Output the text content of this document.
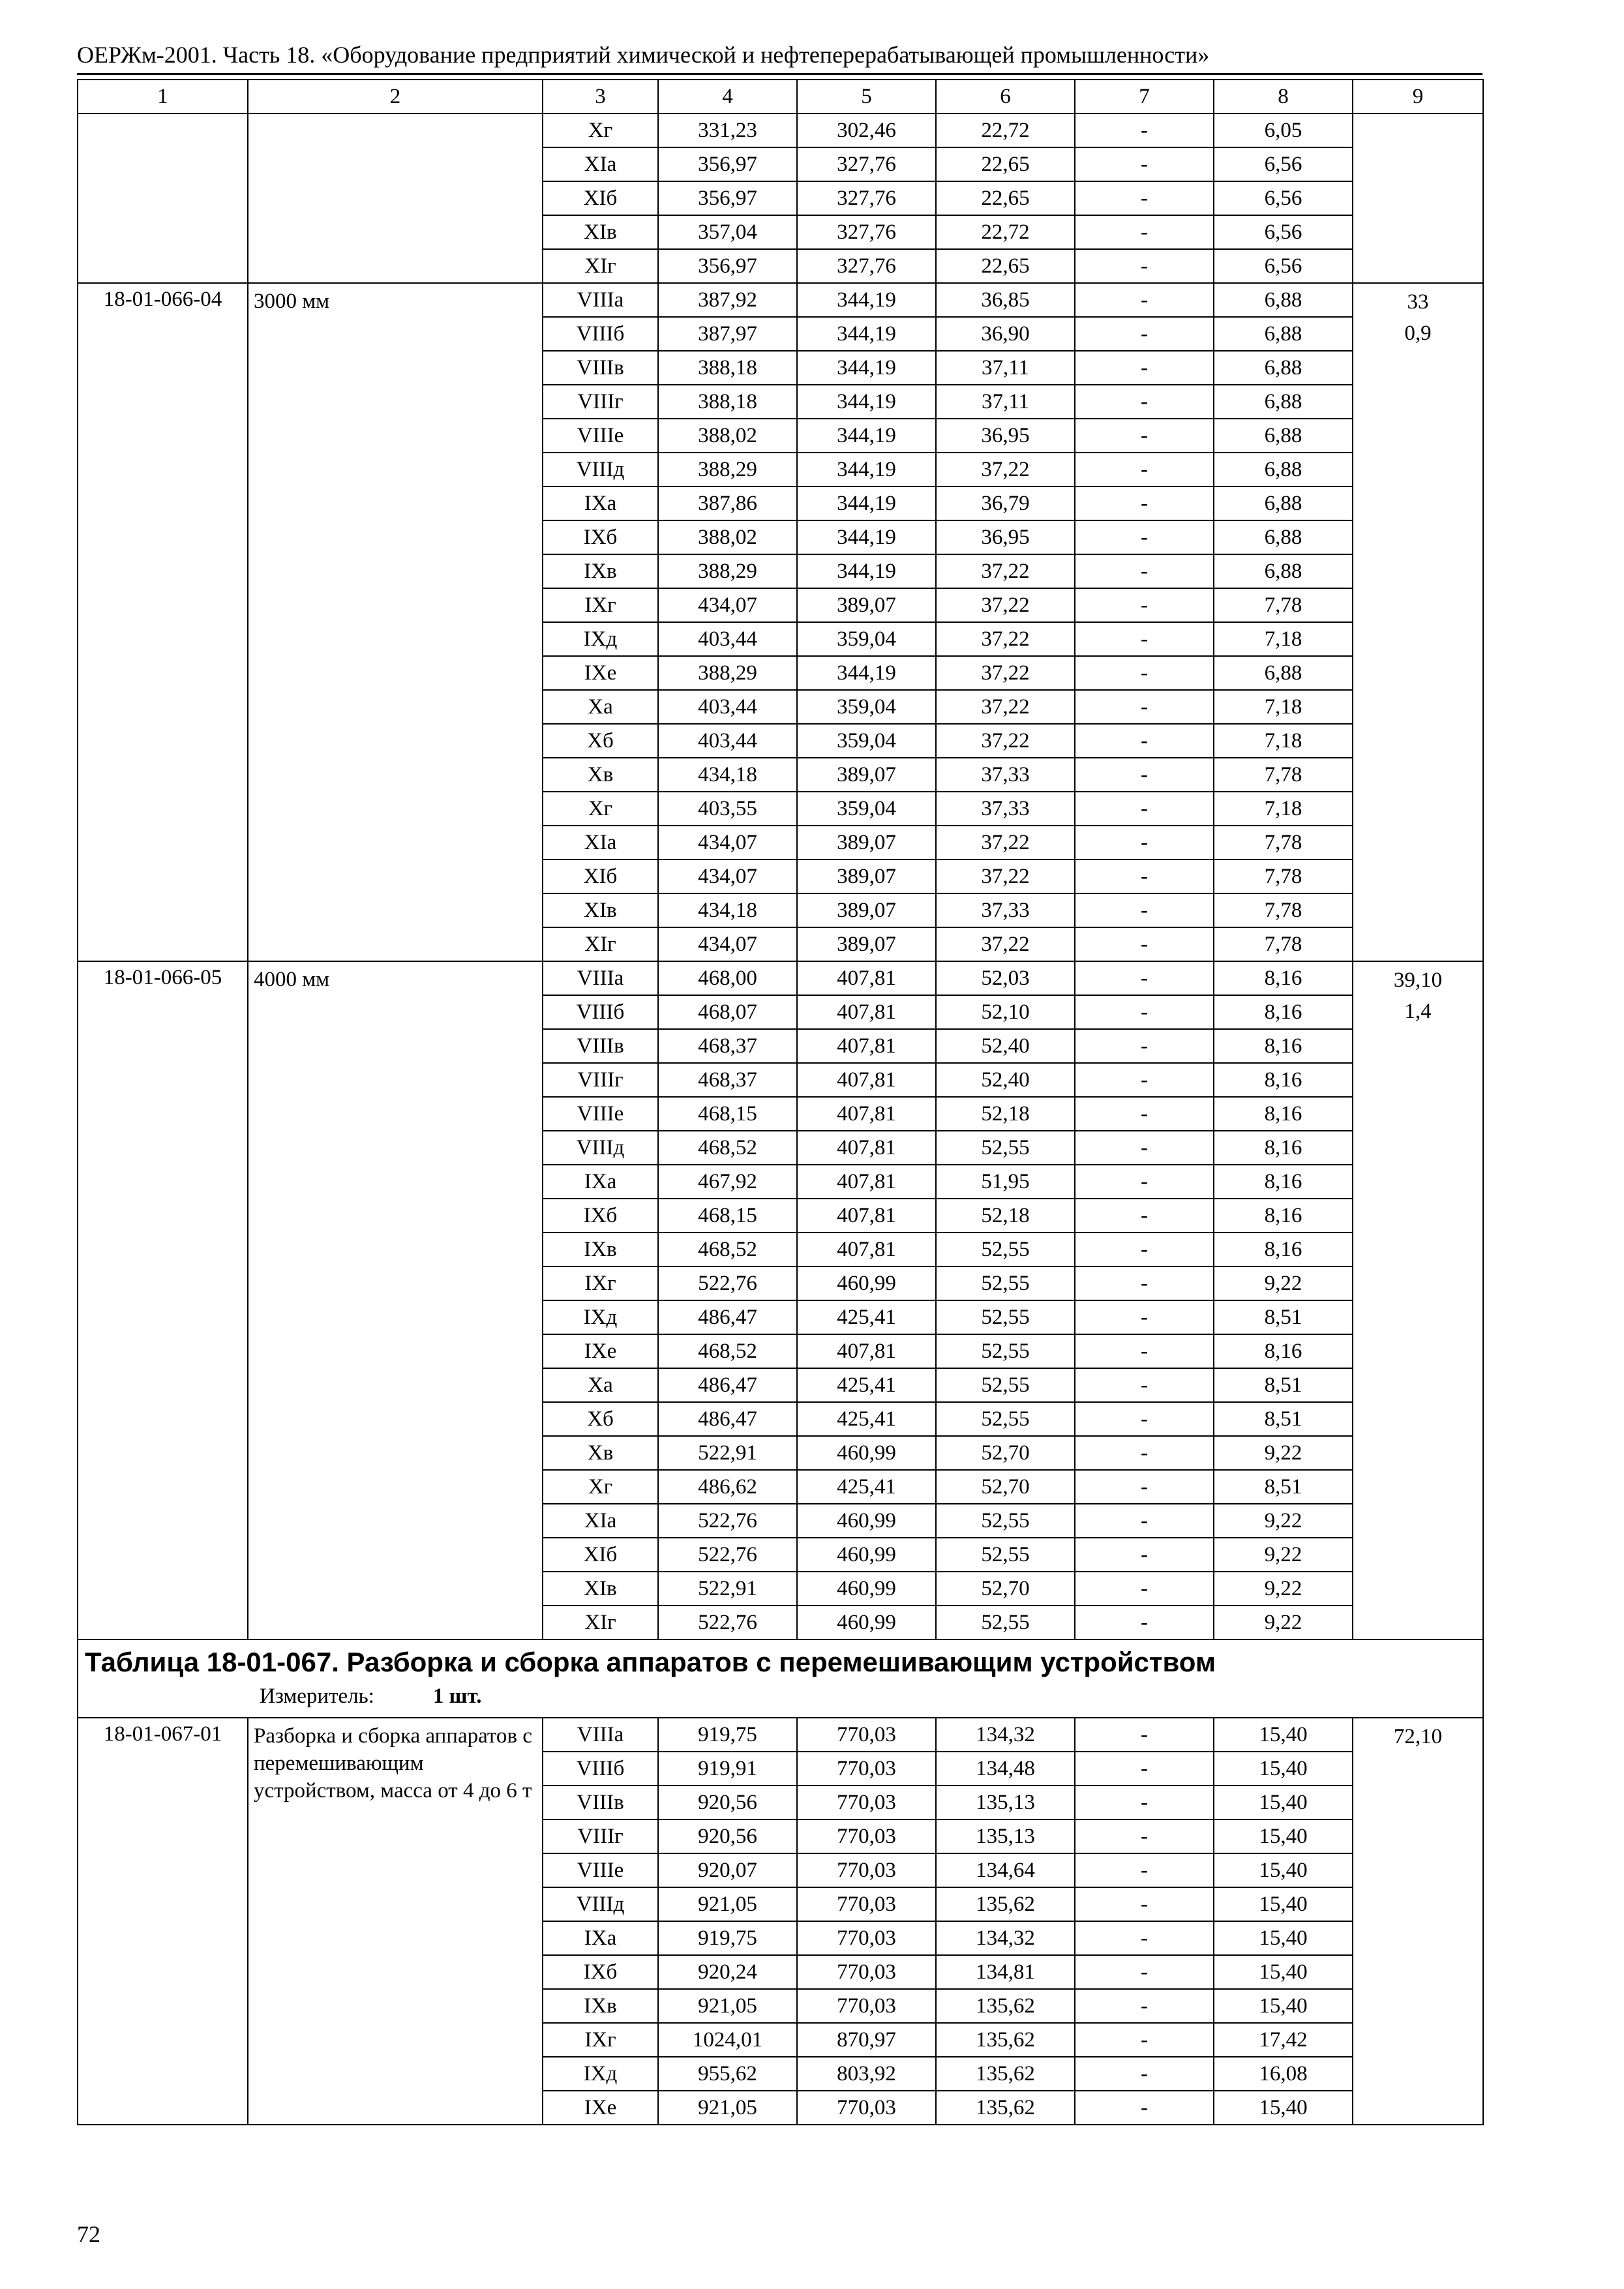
ОЕРЖм-2001. Часть 18. «Оборудование предприятий химической и нефтеперерабатывающей промышленности»
1	2	3	4	5	6	7	8	9
		Xг	331,23	302,46	22,72	-	6,05	
		XIа	356,97	327,76	22,65	-	6,56	
		XIб	356,97	327,76	22,65	-	6,56	
		XIв	357,04	327,76	22,72	-	6,56	
		XIг	356,97	327,76	22,65	-	6,56	
18-01-066-04	3000 мм	VIIIа	387,92	344,19	36,85	-	6,88	33
0,9

		VIIIб	387,97	344,19	36,90	-	6,88	
		VIIIв	388,18	344,19	37,11	-	6,88	
		VIIIг	388,18	344,19	37,11	-	6,88	
		VIIIе	388,02	344,19	36,95	-	6,88	
		VIIIд	388,29	344,19	37,22	-	6,88	
		IXа	387,86	344,19	36,79	-	6,88	
		IXб	388,02	344,19	36,95	-	6,88	
		IXв	388,29	344,19	37,22	-	6,88	
		IXг	434,07	389,07	37,22	-	7,78	
		IXд	403,44	359,04	37,22	-	7,18	
		IXе	388,29	344,19	37,22	-	6,88	
		Xа	403,44	359,04	37,22	-	7,18	
		Xб	403,44	359,04	37,22	-	7,18	
		Xв	434,18	389,07	37,33	-	7,78	
		Xг	403,55	359,04	37,33	-	7,18	
		XIа	434,07	389,07	37,22	-	7,78	
		XIб	434,07	389,07	37,22	-	7,78	
		XIв	434,18	389,07	37,33	-	7,78	
		XIг	434,07	389,07	37,22	-	7,78	
18-01-066-05	4000 мм	VIIIа	468,00	407,81	52,03	-	8,16	39,10
1,4

		VIIIб	468,07	407,81	52,10	-	8,16	
		VIIIв	468,37	407,81	52,40	-	8,16	
		VIIIг	468,37	407,81	52,40	-	8,16	
		VIIIе	468,15	407,81	52,18	-	8,16	
		VIIIд	468,52	407,81	52,55	-	8,16	
		IXа	467,92	407,81	51,95	-	8,16	
		IXб	468,15	407,81	52,18	-	8,16	
		IXв	468,52	407,81	52,55	-	8,16	
		IXг	522,76	460,99	52,55	-	9,22	
		IXд	486,47	425,41	52,55	-	8,51	
		IXе	468,52	407,81	52,55	-	8,16	
		Xа	486,47	425,41	52,55	-	8,51	
		Xб	486,47	425,41	52,55	-	8,51	
		Xв	522,91	460,99	52,70	-	9,22	
		Xг	486,62	425,41	52,70	-	8,51	
		XIа	522,76	460,99	52,55	-	9,22	
		XIб	522,76	460,99	52,55	-	9,22	
		XIв	522,91	460,99	52,70	-	9,22	
		XIг	522,76	460,99	52,55	-	9,22	

Таблица 18-01-067. Разборка и сборка аппаратов с перемешивающим устройством
Измеритель: 1 шт.								

18-01-067-01	Разборка и сборка аппаратов с перемешивающим устройством, масса от 4 до 6 т	VIIIа	919,75	770,03	134,32	-	15,40	72,10

		VIIIб	919,91	770,03	134,48	-	15,40	
		VIIIв	920,56	770,03	135,13	-	15,40	
		VIIIг	920,56	770,03	135,13	-	15,40	
		VIIIе	920,07	770,03	134,64	-	15,40	
		VIIIд	921,05	770,03	135,62	-	15,40	
		IXа	919,75	770,03	134,32	-	15,40	
		IXб	920,24	770,03	134,81	-	15,40	
		IXв	921,05	770,03	135,62	-	15,40	
		IXг	1024,01	870,97	135,62	-	17,42	
		IXд	955,62	803,92	135,62	-	16,08	
		IXе	921,05	770,03	135,62	-	15,40	
72
